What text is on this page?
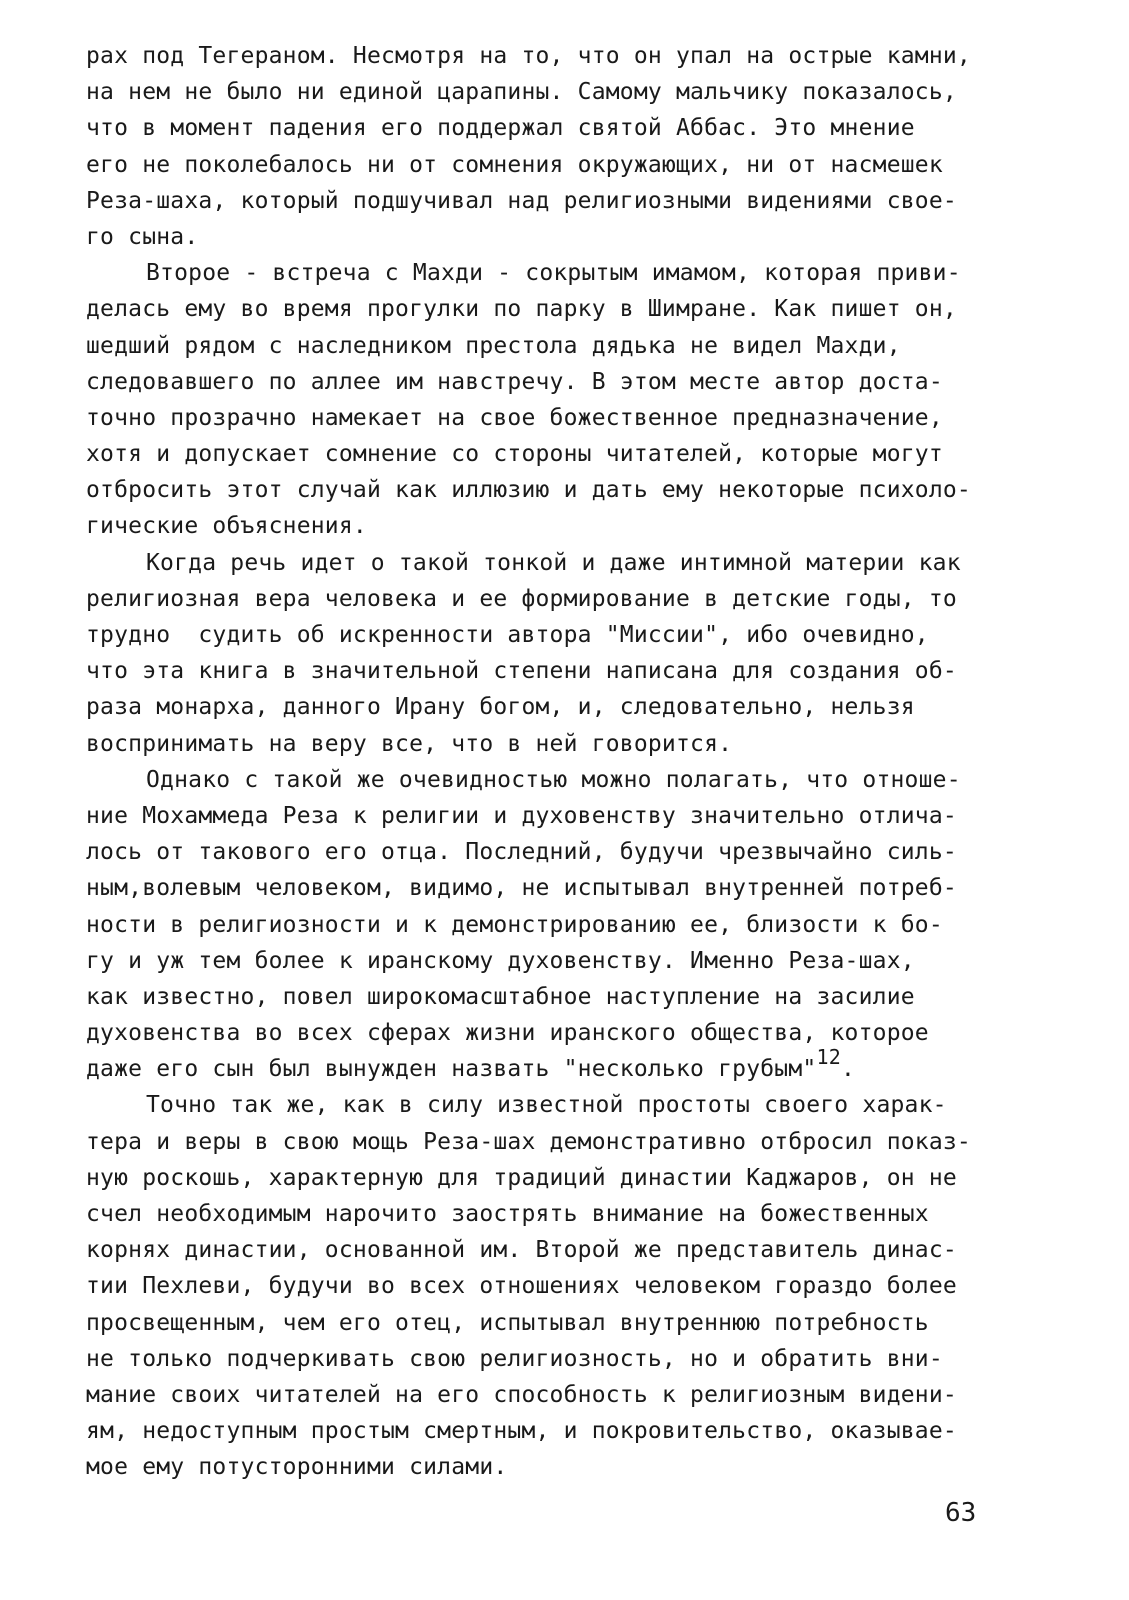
рах под Тегераном. Несмотря на то, что он упал на острые камни,
на нем не было ни единой царапины. Самому мальчику показалось,
что в момент падения его поддержал святой Аббас. Это мнение
его не поколебалось ни от сомнения окружающих, ни от насмешек
Реза-шаха, который подшучивал над религиозными видениями свое-
го сына.
Второе - встреча с Махди - сокрытым имамом, которая приви-
делась ему во время прогулки по парку в Шимране. Как пишет он,
шедший рядом с наследником престола дядька не видел Махди,
следовавшего по аллее им навстречу. В этом месте автор доста-
точно прозрачно намекает на свое божественное предназначение,
хотя и допускает сомнение со стороны читателей, которые могут
отбросить этот случай как иллюзию и дать ему некоторые психоло-
гические объяснения.
Когда речь идет о такой тонкой и даже интимной материи как
религиозная вера человека и ее формирование в детские годы, то
трудно  судить об искренности автора "Миссии", ибо очевидно,
что эта книга в значительной степени написана для создания об-
раза монарха, данного Ирану богом, и, следовательно, нельзя
воспринимать на веру все, что в ней говорится.
Однако с такой же очевидностью можно полагать, что отноше-
ние Мохаммеда Реза к религии и духовенству значительно отлича-
лось от такового его отца. Последний, будучи чрезвычайно силь-
ным,волевым человеком, видимо, не испытывал внутренней потреб-
ности в религиозности и к демонстрированию ее, близости к бо-
гу и уж тем более к иранскому духовенству. Именно Реза-шах,
как известно, повел широкомасштабное наступление на засилие
духовенства во всех сферах жизни иранского общества, которое
даже его сын был вынужден назвать "несколько грубым"12.
Точно так же, как в силу известной простоты своего харак-
тера и веры в свою мощь Реза-шах демонстративно отбросил показ-
ную роскошь, характерную для традиций династии Каджаров, он не
счел необходимым нарочито заострять внимание на божественных
корнях династии, основанной им. Второй же представитель динас-
тии Пехлеви, будучи во всех отношениях человеком гораздо более
просвещенным, чем его отец, испытывал внутреннюю потребность
не только подчеркивать свою религиозность, но и обратить вни-
мание своих читателей на его способность к религиозным видени-
ям, недоступным простым смертным, и покровительство, оказывае-
мое ему потусторонними силами.
63
